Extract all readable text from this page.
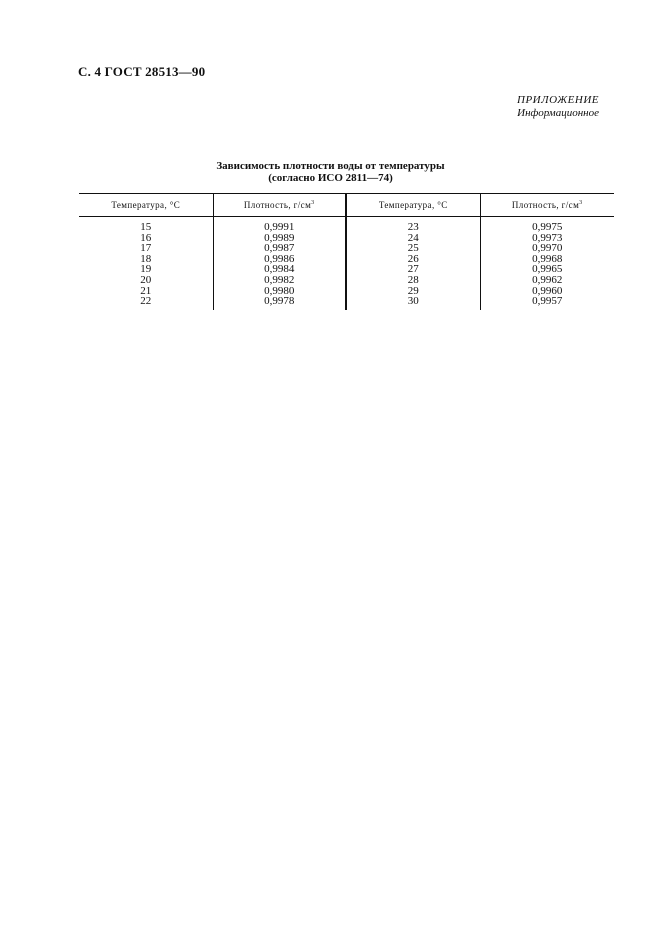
С. 4 ГОСТ 28513—90
ПРИЛОЖЕНИЕ
Информационное
Зависимость плотности воды от температуры
(согласно ИСО 2811—74)
Температура, °С	Плотность, $г/см^3$	Температура, °С	Плотность, $г/см^3$
15	0,9991	23	0,9975
16	0,9989	24	0,9973
17	0,9987	25	0,9970
18	0,9986	26	0,9968
19	0,9984	27	0,9965
20	0,9982	28	0,9962
21	0,9980	29	0,9960
22	0,9978	30	0,9957
